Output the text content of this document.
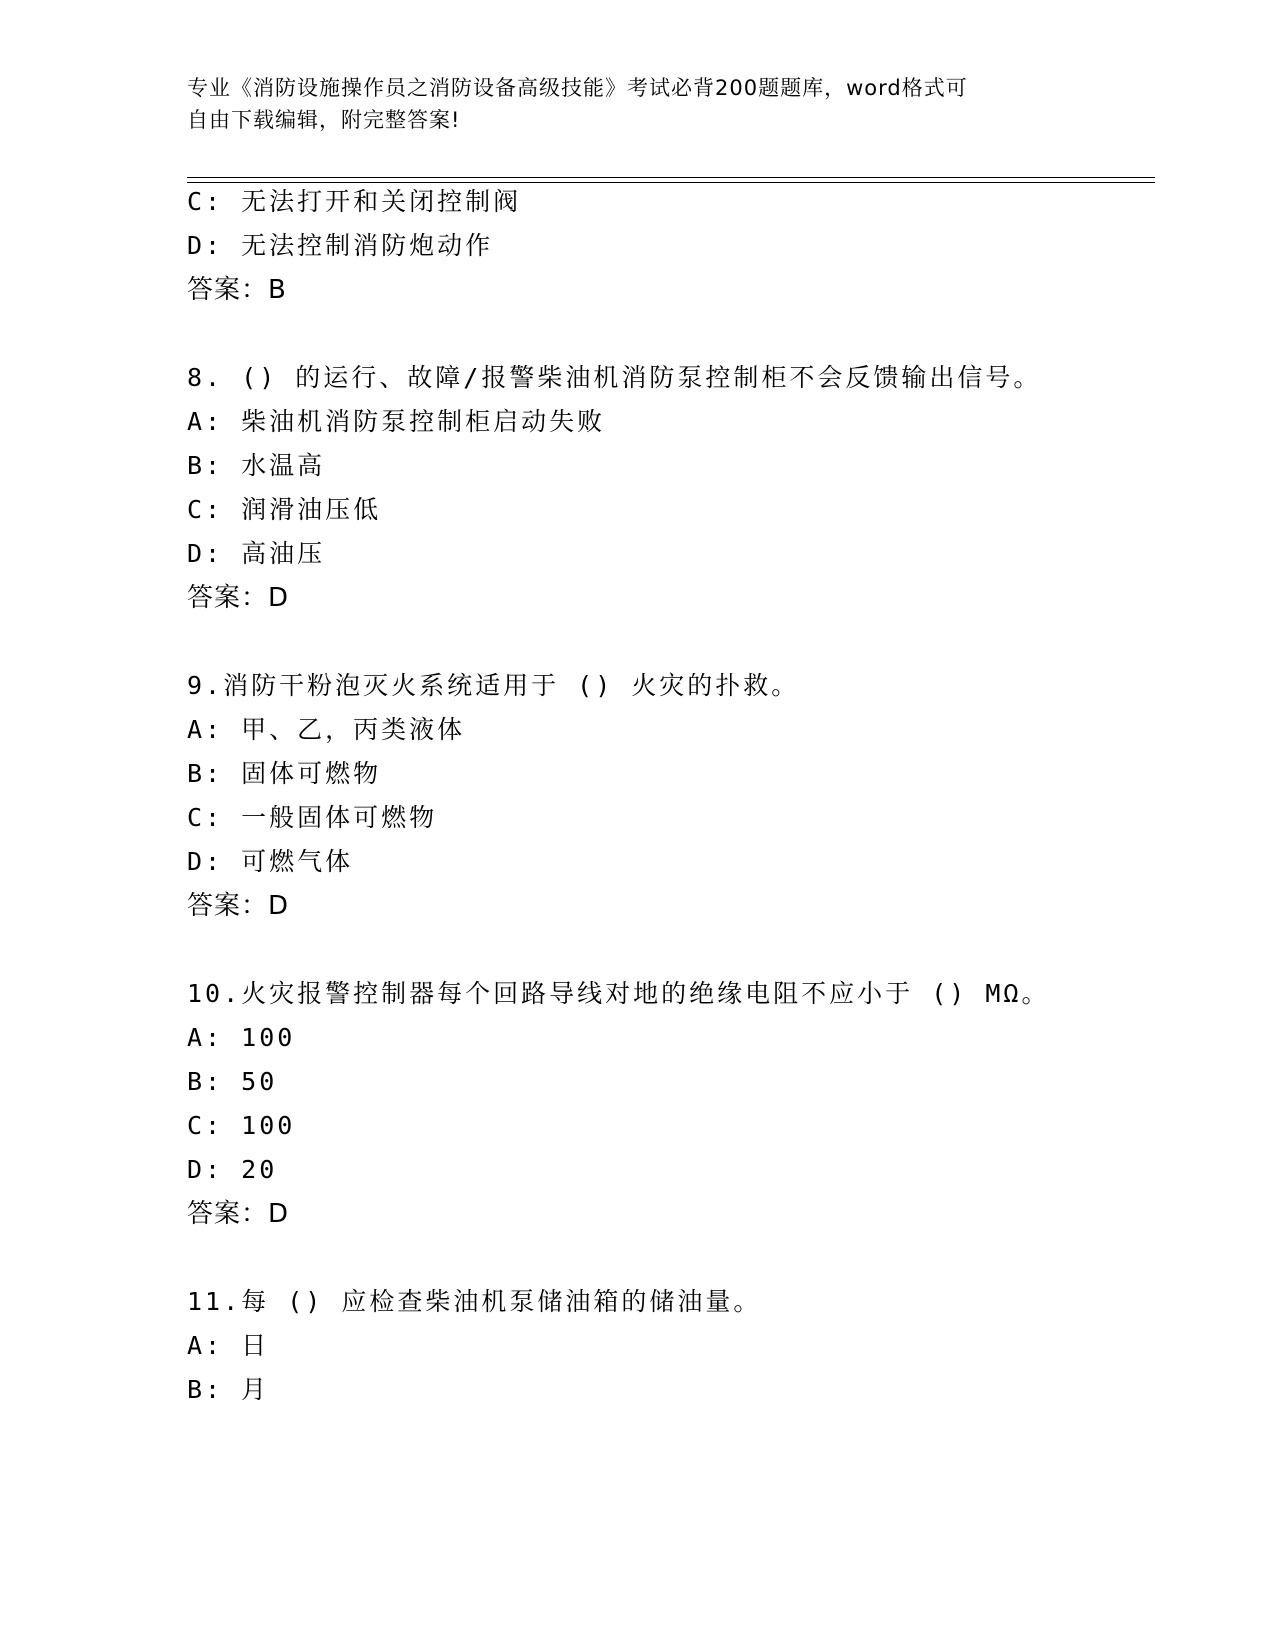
专业《消防设施操作员之消防设备高级技能》考试必背200题题库，word格式可
自由下载编辑，附完整答案!
C: 无法打开和关闭控制阀
D: 无法控制消防炮动作
答案：B
8. () 的运行、故障/报警柴油机消防泵控制柜不会反馈输出信号。
A: 柴油机消防泵控制柜启动失败
B: 水温高
C: 润滑油压低
D: 高油压
答案：D
9.消防干粉泡灭火系统适用于 () 火灾的扑救。
A: 甲、乙，丙类液体
B: 固体可燃物
C: 一般固体可燃物
D: 可燃气体
答案：D
10.火灾报警控制器每个回路导线对地的绝缘电阻不应小于 () MΩ。
A: 100
B: 50
C: 100
D: 20
答案：D
11.每 () 应检查柴油机泵储油箱的储油量。
A: 日
B: 月
